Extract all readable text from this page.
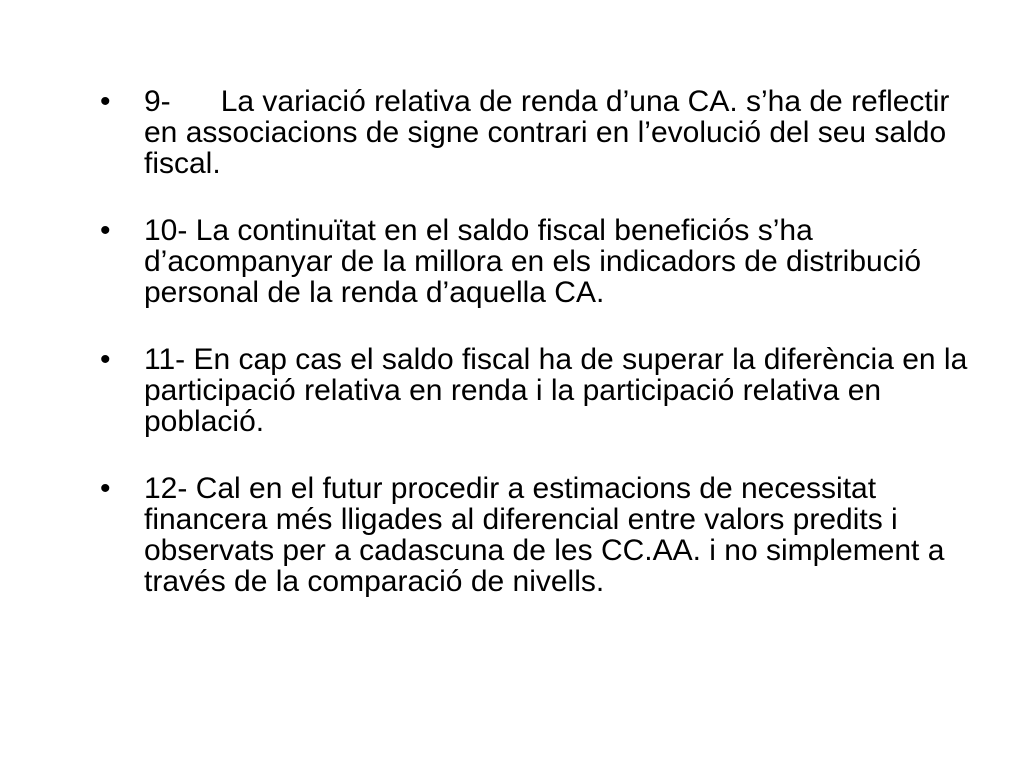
•	9- La variació relativa de renda d’una CA. s’ha de reflectir en associacions de signe contrari en l’evolució del seu saldo fiscal.
•	10- La continuïtat en el saldo fiscal beneficiós s’ha d’acompanyar de la millora en els indicadors de distribució personal de la renda d’aquella CA.
•	11- En cap cas el saldo fiscal ha de superar la diferència en la participació relativa en renda i la participació relativa en població.
•	12- Cal en el futur procedir a estimacions de necessitat financera més lligades al diferencial entre valors predits i observats per a cadascuna de les CC.AA. i no simplement a través de la comparació de nivells.
